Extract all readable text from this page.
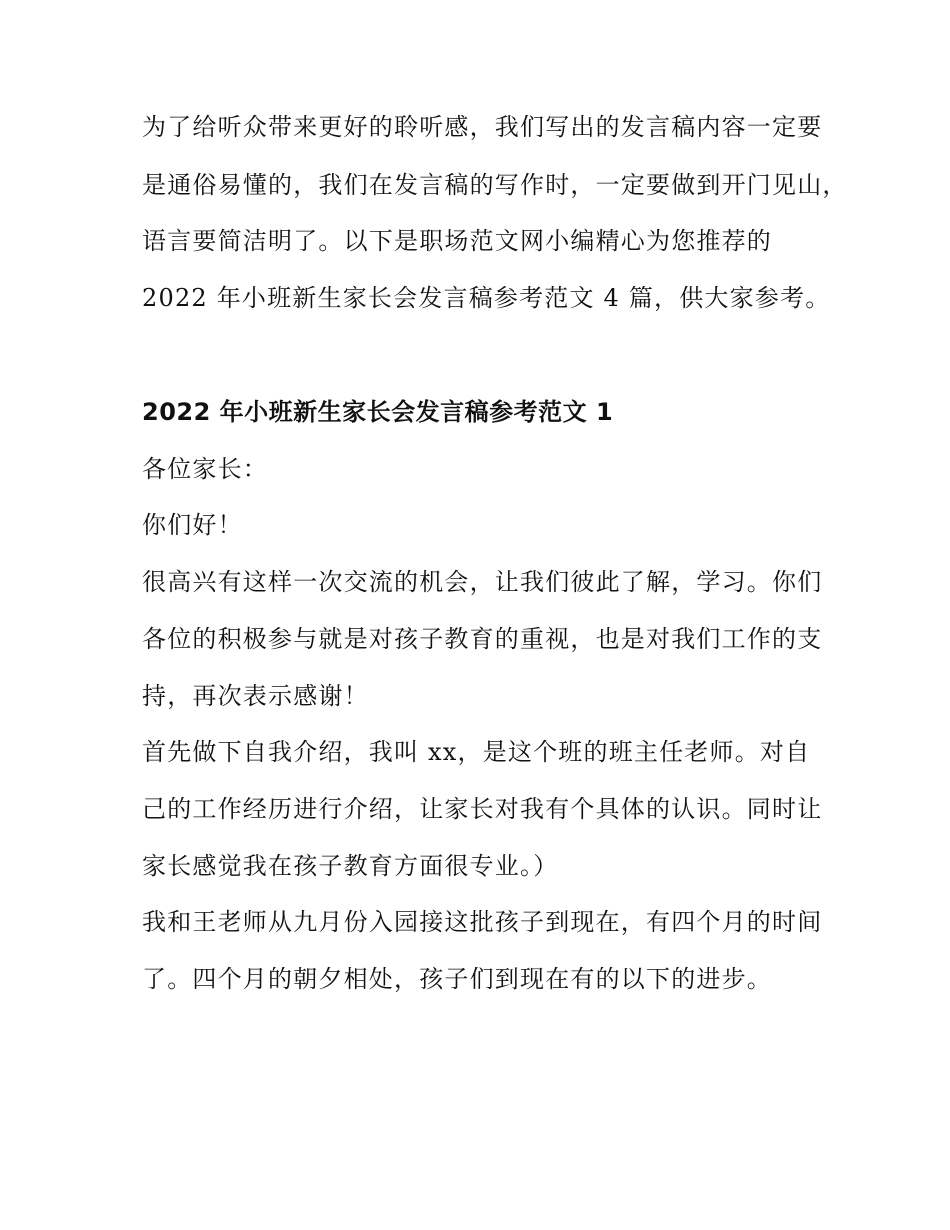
为了给听众带来更好的聆听感，我们写出的发言稿内容一定要
是通俗易懂的，我们在发言稿的写作时，一定要做到开门见山，
语言要简洁明了。以下是职场范文网小编精心为您推荐的
2022 年小班新生家长会发言稿参考范文 4 篇，供大家参考。
2022 年小班新生家长会发言稿参考范文 1
各位家长：
你们好！
很高兴有这样一次交流的机会，让我们彼此了解，学习。你们
各位的积极参与就是对孩子教育的重视，也是对我们工作的支
持，再次表示感谢！
首先做下自我介绍，我叫 xx，是这个班的班主任老师。对自
己的工作经历进行介绍，让家长对我有个具体的认识。同时让
家长感觉我在孩子教育方面很专业。）
我和王老师从九月份入园接这批孩子到现在，有四个月的时间
了。四个月的朝夕相处，孩子们到现在有的以下的进步。
